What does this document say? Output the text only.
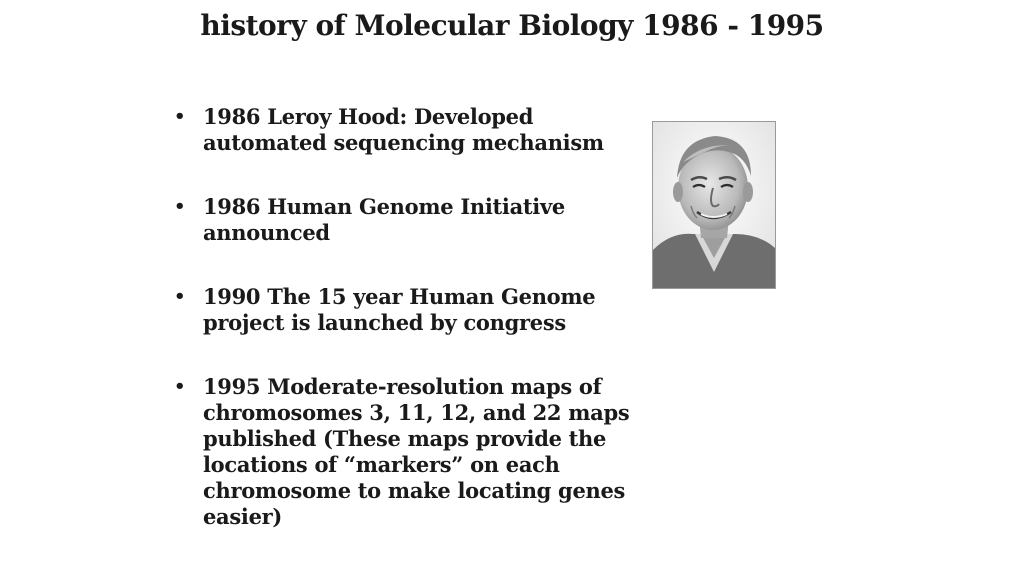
history of Molecular Biology 1986 - 1995
• 1986 Leroy Hood: Developed automated sequencing mechanism
• 1986 Human Genome Initiative announced
• 1990 The 15 year Human Genome project is launched by congress
• 1995 Moderate-resolution maps of chromosomes 3, 11, 12, and 22 maps published (These maps provide the locations of “markers” on each chromosome to make locating genes easier)
